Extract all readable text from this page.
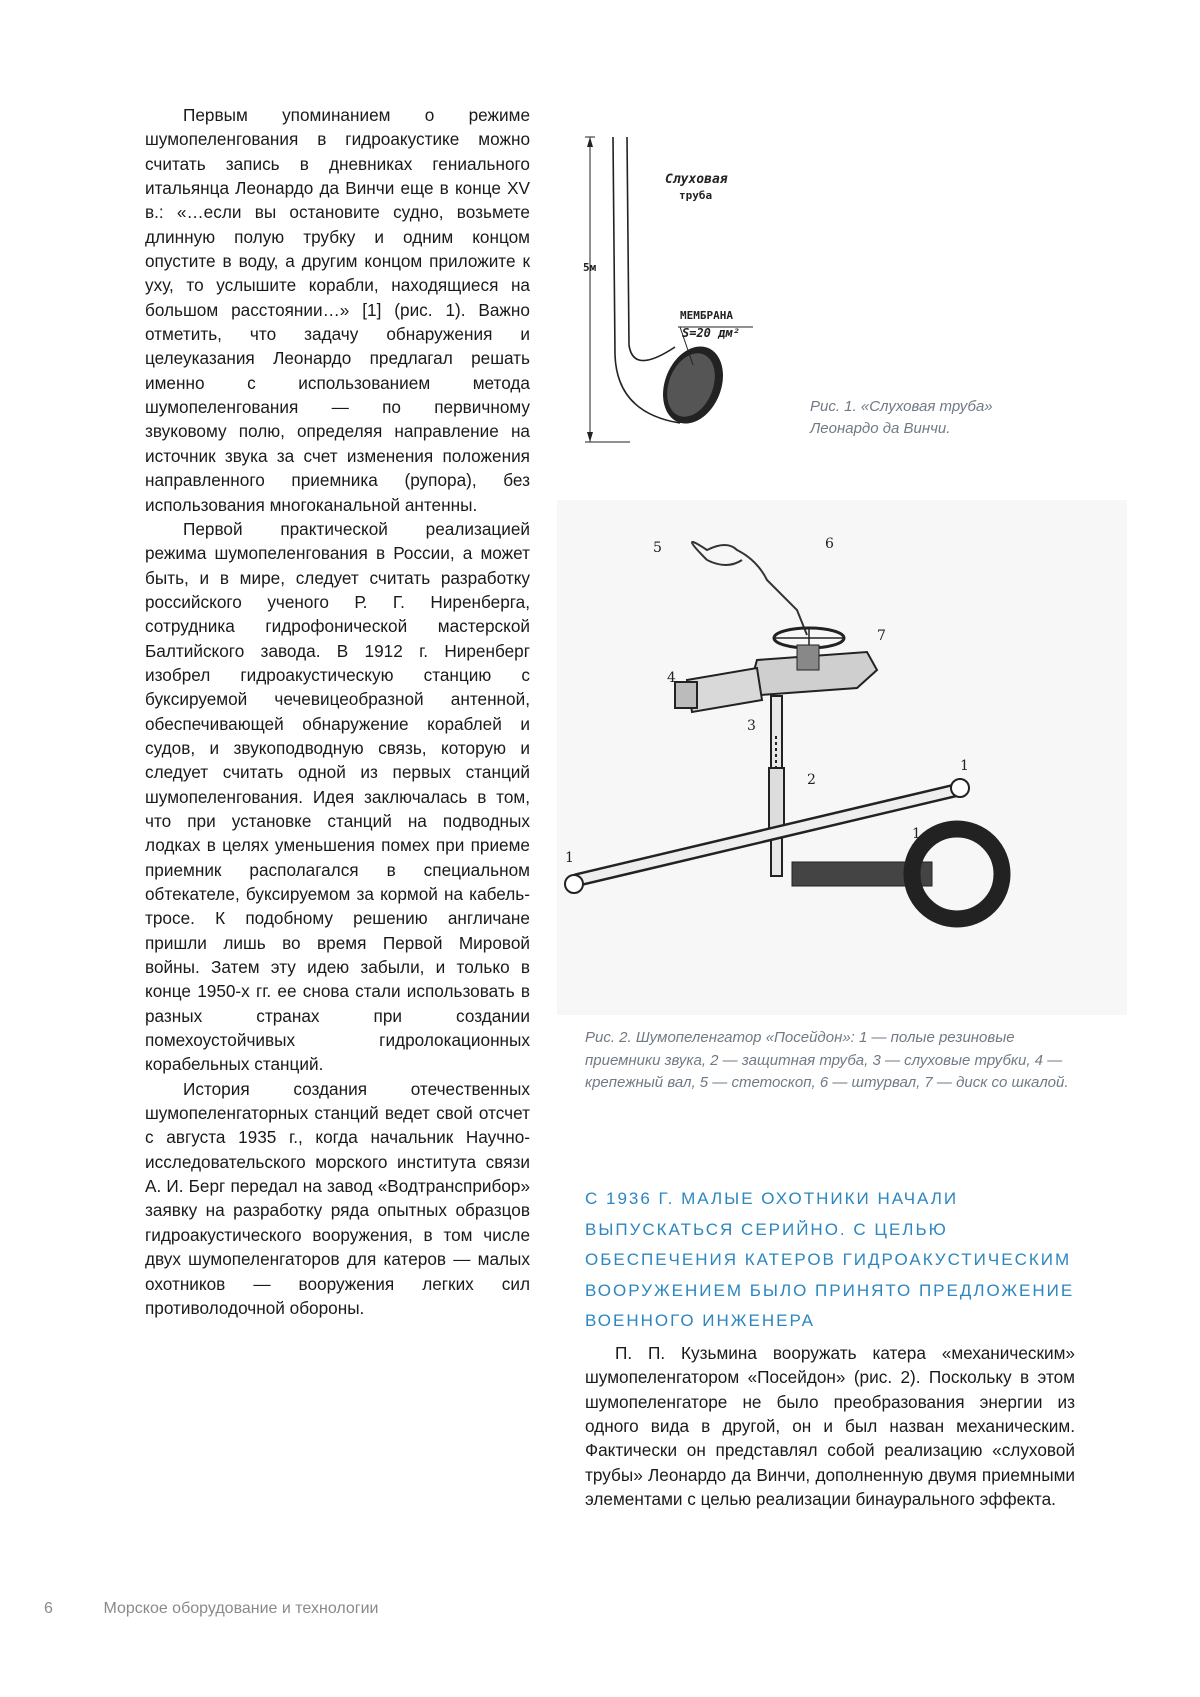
Первым упоминанием о режиме шумопеленгования в гидроакустике можно считать запись в дневниках гениального итальянца Леонардо да Винчи еще в конце XV в.: «…если вы остановите судно, возьмете длинную полую трубку и одним концом опустите в воду, а другим концом приложите к уху, то услышите корабли, находящиеся на большом расстоянии…» [1] (рис. 1). Важно отметить, что задачу обнаружения и целеуказания Леонардо предлагал решать именно с использованием метода шумопеленгования — по первичному звуковому полю, определяя направление на источник звука за счет изменения положения направленного приемника (рупора), без использования многоканальной антенны.

Первой практической реализацией режима шумопеленгования в России, а может быть, и в мире, следует считать разработку российского ученого Р. Г. Ниренберга, сотрудника гидрофонической мастерской Балтийского завода. В 1912 г. Ниренберг изобрел гидроакустическую станцию с буксируемой чечевицеобразной антенной, обеспечивающей обнаружение кораблей и судов, и звукоподводную связь, которую и следует считать одной из первых станций шумопеленгования. Идея заключалась в том, что при установке станций на подводных лодках в целях уменьшения помех при приеме приемник располагался в специальном обтекателе, буксируемом за кормой на кабель-тросе. К подобному решению англичане пришли лишь во время Первой Мировой войны. Затем эту идею забыли, и только в конце 1950-х гг. ее снова стали использовать в разных странах при создании помехоустойчивых гидролокационных корабельных станций.

История создания отечественных шумопеленгаторных станций ведет свой отсчет с августа 1935 г., когда начальник Научно-исследовательского морского института связи А. И. Берг передал на завод «Водтрансприбор» заявку на разработку ряда опытных образцов гидроакустического вооружения, в том числе двух шумопеленгаторов для катеров — малых охотников — вооружения легких сил противолодочной обороны.

5м
Слуховая
труба
МЕМБРАНА
S=20 дм²
Рис. 1. «Слуховая труба» Леонардо да Винчи.
5	6
7
4
3
2
1
1
1
Рис. 2. Шумопеленгатор «Посейдон»: 1 — полые резиновые приемники звука, 2 — защитная труба, 3 — слуховые трубки, 4 — крепежный вал, 5 — стетоскоп, 6 — штурвал, 7 — диск со шкалой.
С 1936 Г. МАЛЫЕ ОХОТНИКИ НАЧАЛИ ВЫПУСКАТЬСЯ СЕРИЙНО. С ЦЕЛЬЮ ОБЕСПЕЧЕНИЯ КАТЕРОВ ГИДРОАКУСТИЧЕСКИМ ВООРУЖЕНИЕМ БЫЛО ПРИНЯТО ПРЕДЛОЖЕНИЕ ВОЕННОГО ИНЖЕНЕРА

П. П. Кузьмина вооружать катера «механическим» шумопеленгатором «Посейдон» (рис. 2). Поскольку в этом шумопеленгаторе не было преобразования энергии из одного вида в другой, он и был назван механическим. Фактически он представлял собой реализацию «слуховой трубы» Леонардо да Винчи, дополненную двумя приемными элементами с целью реализации бинаурального эффекта.

6	Морское оборудование и технологии
